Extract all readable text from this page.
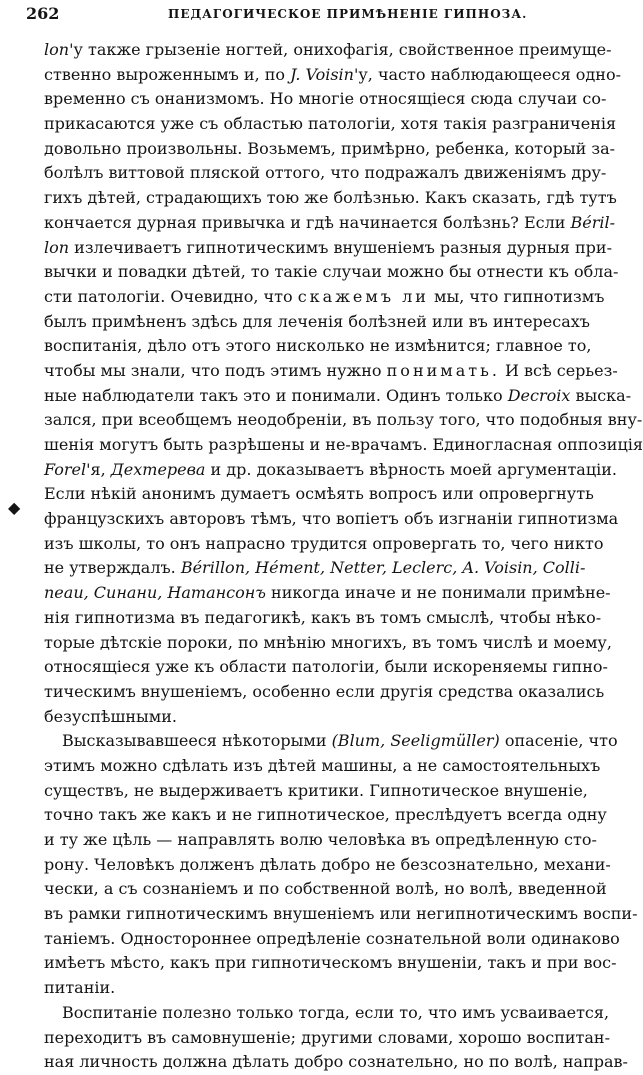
262	ПЕДАГОГИЧЕСКОЕ ПРИМѢНЕНІЕ ГИПНОЗА.
◆
lon'у также грызеніе ногтей, онихофагія, свойственное преимуще-
ственно выроженнымъ и, по J. Voisin'у, часто наблюдающееся одно-
временно съ онанизмомъ. Но многіе относящіеся сюда случаи со-
прикасаются уже съ областью патологіи, хотя такія разграниченія
довольно произвольны. Возьмемъ, примѣрно, ребенка, который за-
болѣлъ виттовой пляской оттого, что подражалъ движеніямъ дру-
гихъ дѣтей, страдающихъ тою же болѣзнью. Какъ сказать, гдѣ тутъ
кончается дурная привычка и гдѣ начинается болѣзнь? Если Béril-
lon излечиваетъ гипнотическимъ внушеніемъ разныя дурныя при-
вычки и повадки дѣтей, то такіе случаи можно бы отнести къ обла-
сти патологіи. Очевидно, что скажемъ ли мы, что гипнотизмъ
былъ примѣненъ здѣсь для леченія болѣзней или въ интересахъ
воспитанія, дѣло отъ этого нисколько не измѣнится; главное то,
чтобы мы знали, что подъ этимъ нужно понимать. И всѣ серьез-
ные наблюдатели такъ это и понимали. Одинъ только Decroix выска-
зался, при всеобщемъ неодобреніи, въ пользу того, что подобныя вну-
шенія могутъ быть разрѣшены и не-врачамъ. Единогласная оппозиція
Forel'я, Дехтерева и др. доказываетъ вѣрность моей аргументаціи.
Если нѣкій анонимъ думаетъ осмѣять вопросъ или опровергнуть
французскихъ авторовъ тѣмъ, что вопіетъ объ изгнаніи гипнотизма
изъ школы, то онъ напрасно трудится опровергать то, чего никто
не утверждалъ. Bérillon, Hément, Netter, Leclerc, A. Voisin, Colli-
neau, Синани, Натансонъ никогда иначе и не понимали примѣне-
нія гипнотизма въ педагогикѣ, какъ въ томъ смыслѣ, чтобы нѣко-
торые дѣтскіе пороки, по мнѣнію многихъ, въ томъ числѣ и моему,
относящіеся уже къ области патологіи, были искореняемы гипно-
тическимъ внушеніемъ, особенно если другія средства оказались
безуспѣшными.
Высказывавшееся нѣкоторыми (Blum, Seeligmüller) опасеніе, что
этимъ можно сдѣлать изъ дѣтей машины, а не самостоятельныхъ
существъ, не выдерживаетъ критики. Гипнотическое внушеніе,
точно такъ же какъ и не гипнотическое, преслѣдуетъ всегда одну
и ту же цѣль — направлять волю человѣка въ опредѣленную сто-
рону. Человѣкъ долженъ дѣлать добро не безсознательно, механи-
чески, а съ сознаніемъ и по собственной волѣ, но волѣ, введенной
въ рамки гипнотическимъ внушеніемъ или негипнотическимъ воспи-
таніемъ. Одностороннее опредѣленіе сознательной воли одинаково
имѣетъ мѣсто, какъ при гипнотическомъ внушеніи, такъ и при вос-
питаніи.
Воспитаніе полезно только тогда, если то, что имъ усваивается,
переходитъ въ самовнушеніе; другими словами, хорошо воспитан-
ная личность должна дѣлать добро сознательно, но по волѣ, направ-
